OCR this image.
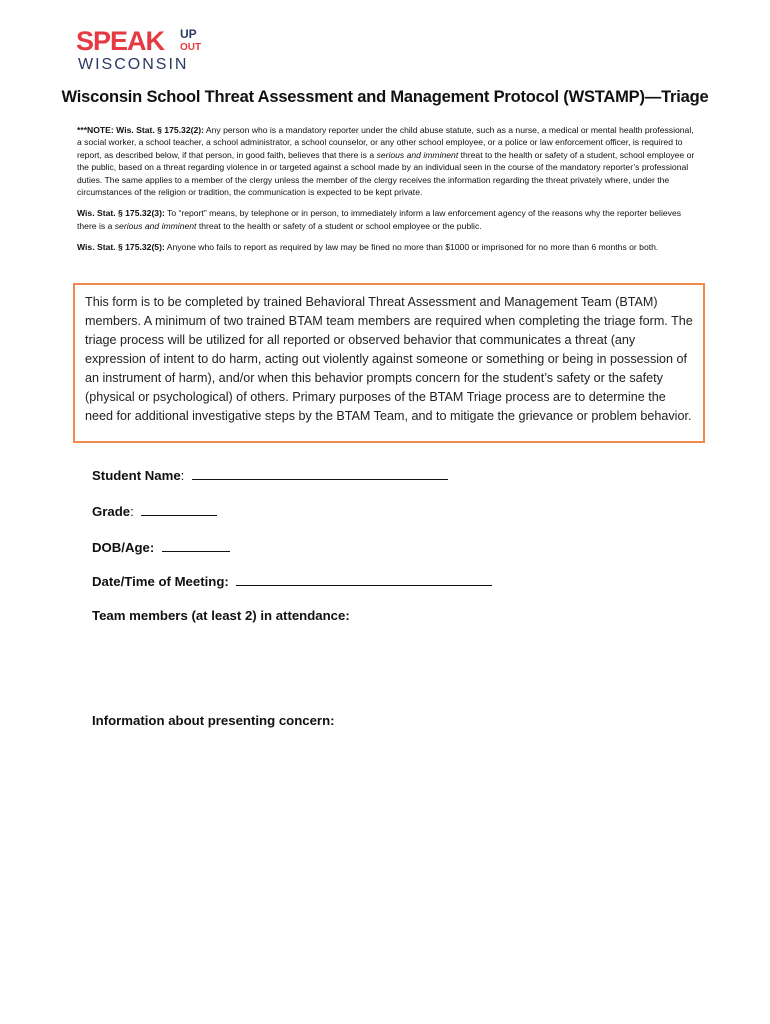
SPEAK UP
OUT
WISCONSIN
Wisconsin School Threat Assessment and Management Protocol (WSTAMP)—Triage

***NOTE: Wis. Stat. § 175.32(2): Any person who is a mandatory reporter under the child abuse statute, such as a nurse, a medical or mental health professional, a social worker, a school teacher, a school administrator, a school counselor, or any other school employee, or a police or law enforcement officer, is required to report, as described below, if that person, in good faith, believes that there is a serious and imminent threat to the health or safety of a student, school employee or the public, based on a threat regarding violence in or targeted against a school made by an individual seen in the course of the mandatory reporter’s professional duties. The same applies to a member of the clergy unless the member of the clergy receives the information regarding the threat privately where, under the circumstances of the religion or tradition, the communication is expected to be kept private.

Wis. Stat. § 175.32(3): To “report” means, by telephone or in person, to immediately inform a law enforcement agency of the reasons why the reporter believes there is a serious and imminent threat to the health or safety of a student or school employee or the public.

Wis. Stat. § 175.32(5): Anyone who fails to report as required by law may be fined no more than $1000 or imprisoned for no more than 6 months or both.

This form is to be completed by trained Behavioral Threat Assessment and Management Team (BTAM) members. A minimum of two trained BTAM team members are required when completing the triage form. The triage process will be utilized for all reported or observed behavior that communicates a threat (any expression of intent to do harm, acting out violently against someone or something or being in possession of an instrument of harm), and/or when this behavior prompts concern for the student’s safety or the safety (physical or psychological) of others. Primary purposes of the BTAM Triage process are to determine the need for additional investigative steps by the BTAM Team, and to mitigate the grievance or problem behavior.
Student Name:
Grade:
DOB/Age:
Date/Time of Meeting:
Team members (at least 2) in attendance:
Information about presenting concern:
